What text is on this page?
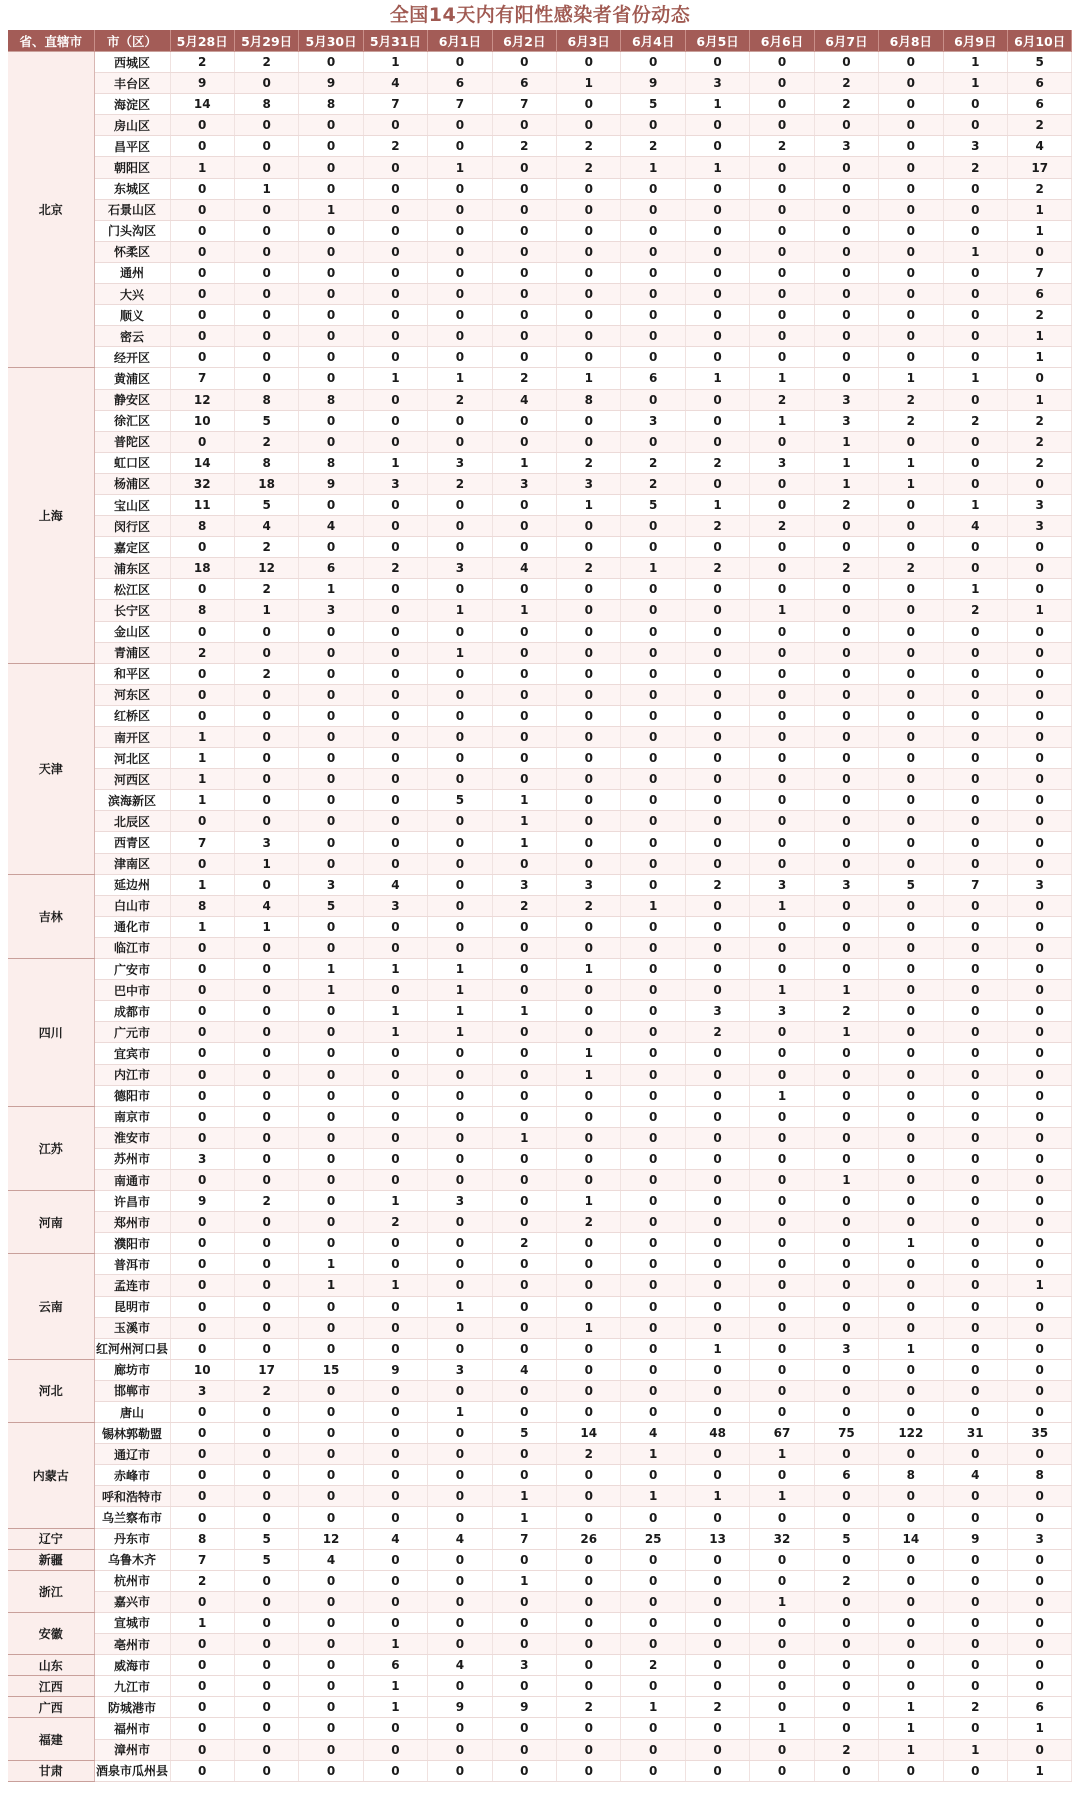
全国14天内有阳性感染者省份动态
省、直辖市	市（区）	5月28日	5月29日	5月30日	5月31日	6月1日	6月2日	6月3日	6月4日	6月5日	6月6日	6月7日	6月8日	6月9日	6月10日
北京	西城区	2	2	0	1	0	0	0	0	0	0	0	0	1	5
	丰台区	9	0	9	4	6	6	1	9	3	0	2	0	1	6
	海淀区	14	8	8	7	7	7	0	5	1	0	2	0	0	6
	房山区	0	0	0	0	0	0	0	0	0	0	0	0	0	2
	昌平区	0	0	0	2	0	2	2	2	0	2	3	0	3	4
	朝阳区	1	0	0	0	1	0	2	1	1	0	0	0	2	17
	东城区	0	1	0	0	0	0	0	0	0	0	0	0	0	2
	石景山区	0	0	1	0	0	0	0	0	0	0	0	0	0	1
	门头沟区	0	0	0	0	0	0	0	0	0	0	0	0	0	1
	怀柔区	0	0	0	0	0	0	0	0	0	0	0	0	1	0
	通州	0	0	0	0	0	0	0	0	0	0	0	0	0	7
	大兴	0	0	0	0	0	0	0	0	0	0	0	0	0	6
	顺义	0	0	0	0	0	0	0	0	0	0	0	0	0	2
	密云	0	0	0	0	0	0	0	0	0	0	0	0	0	1
	经开区	0	0	0	0	0	0	0	0	0	0	0	0	0	1
上海	黄浦区	7	0	0	1	1	2	1	6	1	1	0	1	1	0
	静安区	12	8	8	0	2	4	8	0	0	2	3	2	0	1
	徐汇区	10	5	0	0	0	0	0	3	0	1	3	2	2	2
	普陀区	0	2	0	0	0	0	0	0	0	0	1	0	0	2
	虹口区	14	8	8	1	3	1	2	2	2	3	1	1	0	2
	杨浦区	32	18	9	3	2	3	3	2	0	0	1	1	0	0
	宝山区	11	5	0	0	0	0	1	5	1	0	2	0	1	3
	闵行区	8	4	4	0	0	0	0	0	2	2	0	0	4	3
	嘉定区	0	2	0	0	0	0	0	0	0	0	0	0	0	0
	浦东区	18	12	6	2	3	4	2	1	2	0	2	2	0	0
	松江区	0	2	1	0	0	0	0	0	0	0	0	0	1	0
	长宁区	8	1	3	0	1	1	0	0	0	1	0	0	2	1
	金山区	0	0	0	0	0	0	0	0	0	0	0	0	0	0
	青浦区	2	0	0	0	1	0	0	0	0	0	0	0	0	0
天津	和平区	0	2	0	0	0	0	0	0	0	0	0	0	0	0
	河东区	0	0	0	0	0	0	0	0	0	0	0	0	0	0
	红桥区	0	0	0	0	0	0	0	0	0	0	0	0	0	0
	南开区	1	0	0	0	0	0	0	0	0	0	0	0	0	0
	河北区	1	0	0	0	0	0	0	0	0	0	0	0	0	0
	河西区	1	0	0	0	0	0	0	0	0	0	0	0	0	0
	滨海新区	1	0	0	0	5	1	0	0	0	0	0	0	0	0
	北辰区	0	0	0	0	0	1	0	0	0	0	0	0	0	0
	西青区	7	3	0	0	0	1	0	0	0	0	0	0	0	0
	津南区	0	1	0	0	0	0	0	0	0	0	0	0	0	0
吉林	延边州	1	0	3	4	0	3	3	0	2	3	3	5	7	3
	白山市	8	4	5	3	0	2	2	1	0	1	0	0	0	0
	通化市	1	1	0	0	0	0	0	0	0	0	0	0	0	0
	临江市	0	0	0	0	0	0	0	0	0	0	0	0	0	0
四川	广安市	0	0	1	1	1	0	1	0	0	0	0	0	0	0
	巴中市	0	0	1	0	1	0	0	0	0	1	1	0	0	0
	成都市	0	0	0	1	1	1	0	0	3	3	2	0	0	0
	广元市	0	0	0	1	1	0	0	0	2	0	1	0	0	0
	宜宾市	0	0	0	0	0	0	1	0	0	0	0	0	0	0
	内江市	0	0	0	0	0	0	1	0	0	0	0	0	0	0
	德阳市	0	0	0	0	0	0	0	0	0	1	0	0	0	0
江苏	南京市	0	0	0	0	0	0	0	0	0	0	0	0	0	0
	淮安市	0	0	0	0	0	1	0	0	0	0	0	0	0	0
	苏州市	3	0	0	0	0	0	0	0	0	0	0	0	0	0
	南通市	0	0	0	0	0	0	0	0	0	0	1	0	0	0
河南	许昌市	9	2	0	1	3	0	1	0	0	0	0	0	0	0
	郑州市	0	0	0	2	0	0	2	0	0	0	0	0	0	0
	濮阳市	0	0	0	0	0	2	0	0	0	0	0	1	0	0
云南	普洱市	0	0	1	0	0	0	0	0	0	0	0	0	0	0
	孟连市	0	0	1	1	0	0	0	0	0	0	0	0	0	1
	昆明市	0	0	0	0	1	0	0	0	0	0	0	0	0	0
	玉溪市	0	0	0	0	0	0	1	0	0	0	0	0	0	0
	红河州河口县	0	0	0	0	0	0	0	0	1	0	3	1	0	0
河北	廊坊市	10	17	15	9	3	4	0	0	0	0	0	0	0	0
	邯郸市	3	2	0	0	0	0	0	0	0	0	0	0	0	0
	唐山	0	0	0	0	1	0	0	0	0	0	0	0	0	0
内蒙古	锡林郭勒盟	0	0	0	0	0	5	14	4	48	67	75	122	31	35
	通辽市	0	0	0	0	0	0	2	1	0	1	0	0	0	0
	赤峰市	0	0	0	0	0	0	0	0	0	0	6	8	4	8
	呼和浩特市	0	0	0	0	0	1	0	1	1	1	0	0	0	0
	乌兰察布市	0	0	0	0	0	1	0	0	0	0	0	0	0	0
辽宁	丹东市	8	5	12	4	4	7	26	25	13	32	5	14	9	3
新疆	乌鲁木齐	7	5	4	0	0	0	0	0	0	0	0	0	0	0
浙江	杭州市	2	0	0	0	0	1	0	0	0	0	2	0	0	0
	嘉兴市	0	0	0	0	0	0	0	0	0	1	0	0	0	0
安徽	宣城市	1	0	0	0	0	0	0	0	0	0	0	0	0	0
	亳州市	0	0	0	1	0	0	0	0	0	0	0	0	0	0
山东	威海市	0	0	0	6	4	3	0	2	0	0	0	0	0	0
江西	九江市	0	0	0	1	0	0	0	0	0	0	0	0	0	0
广西	防城港市	0	0	0	1	9	9	2	1	2	0	0	1	2	6
福建	福州市	0	0	0	0	0	0	0	0	0	1	0	1	0	1
	漳州市	0	0	0	0	0	0	0	0	0	0	2	1	1	0
甘肃	酒泉市瓜州县	0	0	0	0	0	0	0	0	0	0	0	0	0	1
